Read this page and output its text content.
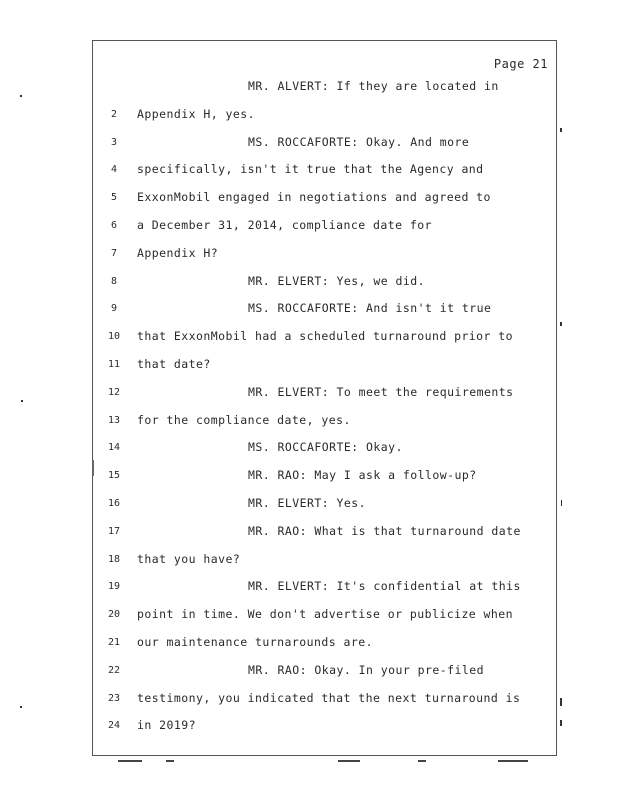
Page 21
MR. ALVERT: If they are located in
2	Appendix H, yes.
3	MS. ROCCAFORTE: Okay. And more
4	specifically, isn't it true that the Agency and
5	ExxonMobil engaged in negotiations and agreed to
6	a December 31, 2014, compliance date for
7	Appendix H?
8	MR. ELVERT: Yes, we did.
9	MS. ROCCAFORTE: And isn't it true
10	that ExxonMobil had a scheduled turnaround prior to
11	that date?
12	MR. ELVERT: To meet the requirements
13	for the compliance date, yes.
14	MS. ROCCAFORTE: Okay.
15	MR. RAO: May I ask a follow-up?
16	MR. ELVERT: Yes.
17	MR. RAO: What is that turnaround date
18	that you have?
19	MR. ELVERT: It's confidential at this
20	point in time. We don't advertise or publicize when
21	our maintenance turnarounds are.
22	MR. RAO: Okay. In your pre-filed
23	testimony, you indicated that the next turnaround is
24	in 2019?
